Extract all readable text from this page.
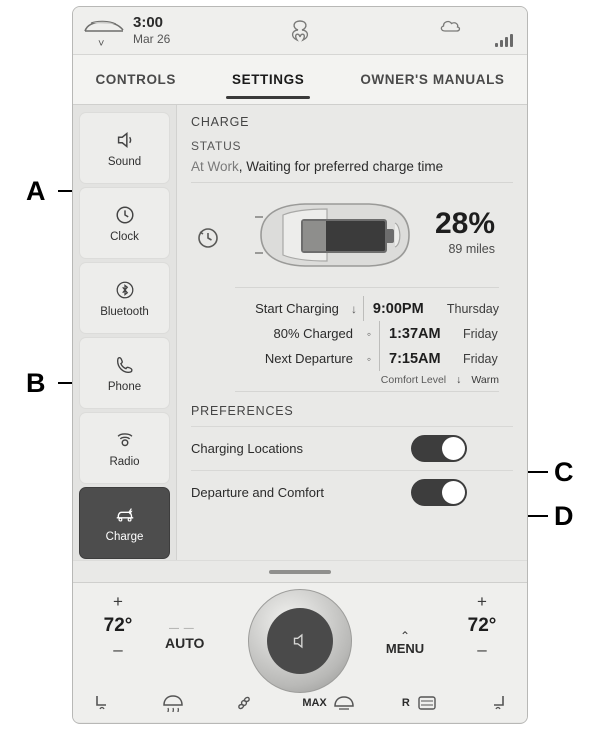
A
B
C
D
˅
3:00
Mar 26
CONTROLS	SETTINGS	OWNER'S MANUALS
Sound
Clock
Bluetooth
Phone
Radio
Charge
CHARGE
STATUS
At Work, Waiting for preferred charge time
28%
89 miles
Start Charging	↓ 9:00PM	Thursday
80% Charged	◦	1:37AM	Friday
Next Departure	◦	7:15AM	Friday
Comfort Level ↓ Warm
PREFERENCES
Charging Locations
Departure and Comfort
+
72°
–
— —
AUTO	⌃
MENU
+
72°
–
MAX	R
